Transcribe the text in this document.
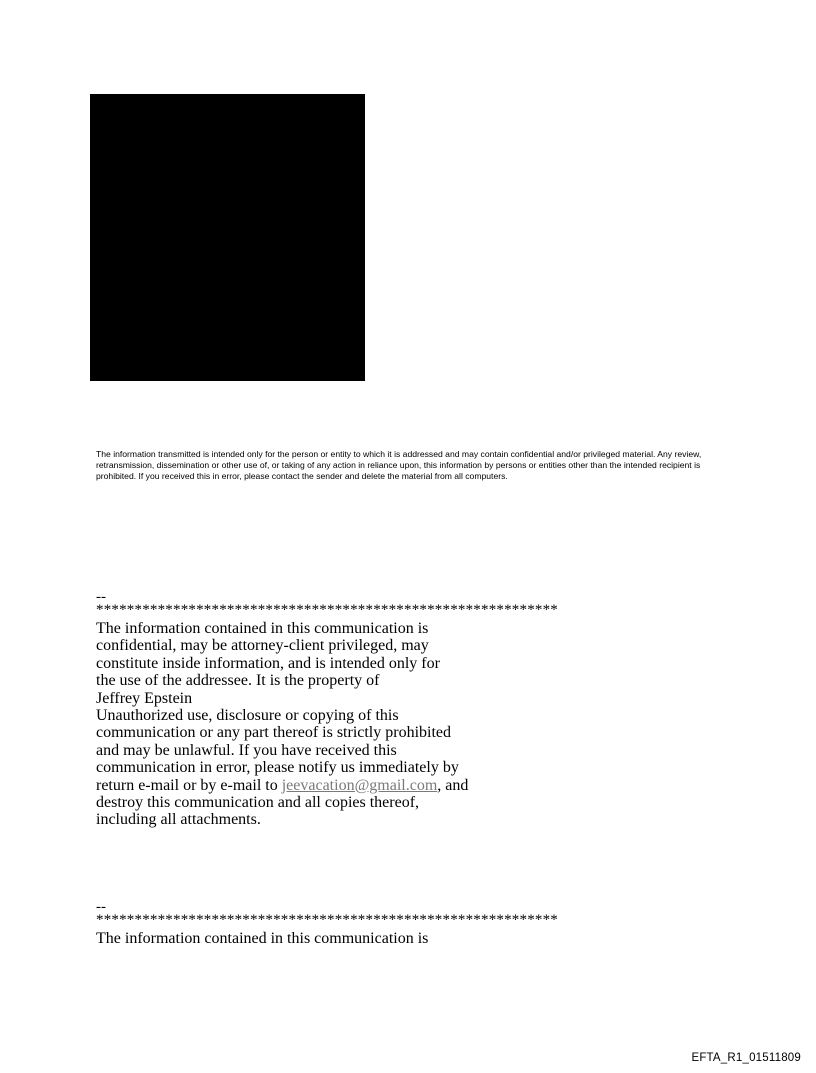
The information transmitted is intended only for the person or entity to which it is addressed and may contain confidential and/or privileged material. Any review, retransmission, dissemination or other use of, or taking of any action in reliance upon, this information by persons or entities other than the intended recipient is prohibited. If you received this in error, please contact the sender and delete the material from all computers.

--
************************************************************
The information contained in this communication is
confidential, may be attorney-client privileged, may
constitute inside information, and is intended only for
the use of the addressee. It is the property of
Jeffrey Epstein
Unauthorized use, disclosure or copying of this
communication or any part thereof is strictly prohibited
and may be unlawful. If you have received this
communication in error, please notify us immediately by
return e-mail or by e-mail to jeevacation@gmail.com, and
destroy this communication and all copies thereof,
including all attachments.
--
************************************************************
The information contained in this communication is
EFTA_R1_01511809
